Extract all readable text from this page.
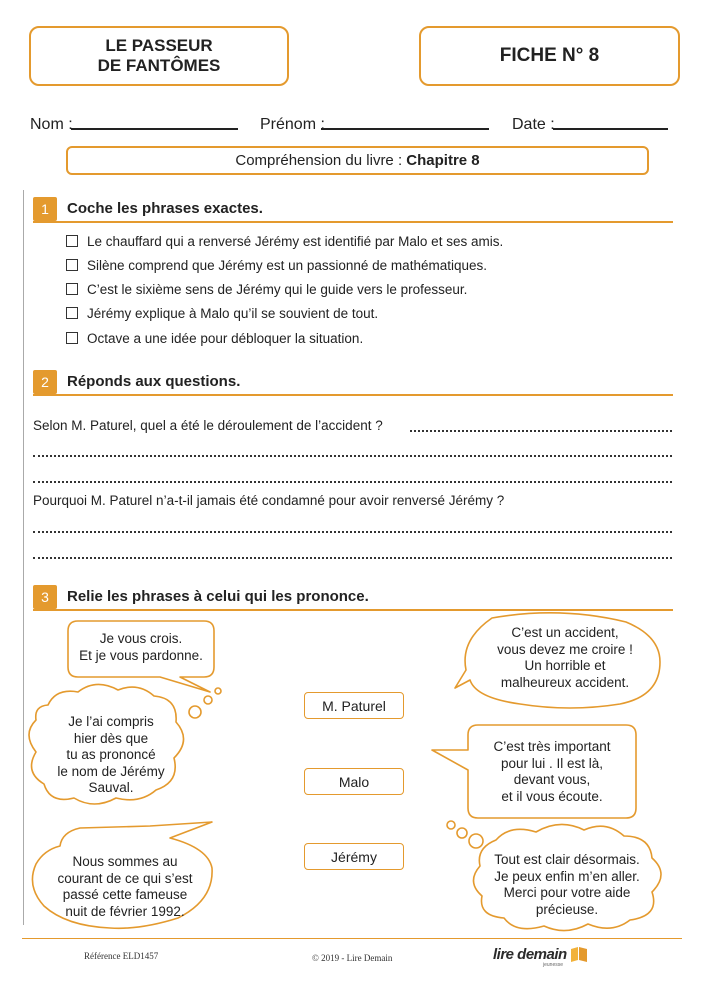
LE PASSEUR
DE FANTÔMES	FICHE N° 8
Nom :	Prénom :	Date :
Compréhension du livre : Chapitre 8
1	Coche les phrases exactes.
Le chauffard qui a renversé Jérémy est identifié par Malo et ses amis.
Silène comprend que Jérémy est un passionné de mathématiques.
C’est le sixième sens de Jérémy qui le guide vers le professeur.
Jérémy explique à Malo qu’il se souvient de tout.
Octave a une idée pour débloquer la situation.
2	Réponds aux questions.
Selon M. Paturel, quel a été le déroulement de l’accident ?
Pourquoi M. Paturel n’a-t-il jamais été condamné pour avoir renversé Jérémy ?
3	Relie les phrases à celui qui les prononce.
Je vous crois.
Et je vous pardonne.
Je l’ai compris
hier dès que
tu as prononcé
le nom de Jérémy
Sauval.
Nous sommes au
courant de ce qui s’est
passé cette fameuse
nuit de février 1992.
C’est un accident,
vous devez me croire !
Un horrible et
malheureux accident.
C’est très important
pour lui . Il est là,
devant vous,
et il vous écoute.
Tout est clair désormais.
Je peux enfin m’en aller.
Merci pour votre aide
précieuse.
M. Paturel
Malo
Jérémy
Référence ELD1457	© 2019 - Lire Demain	lire demain
jeunesse
